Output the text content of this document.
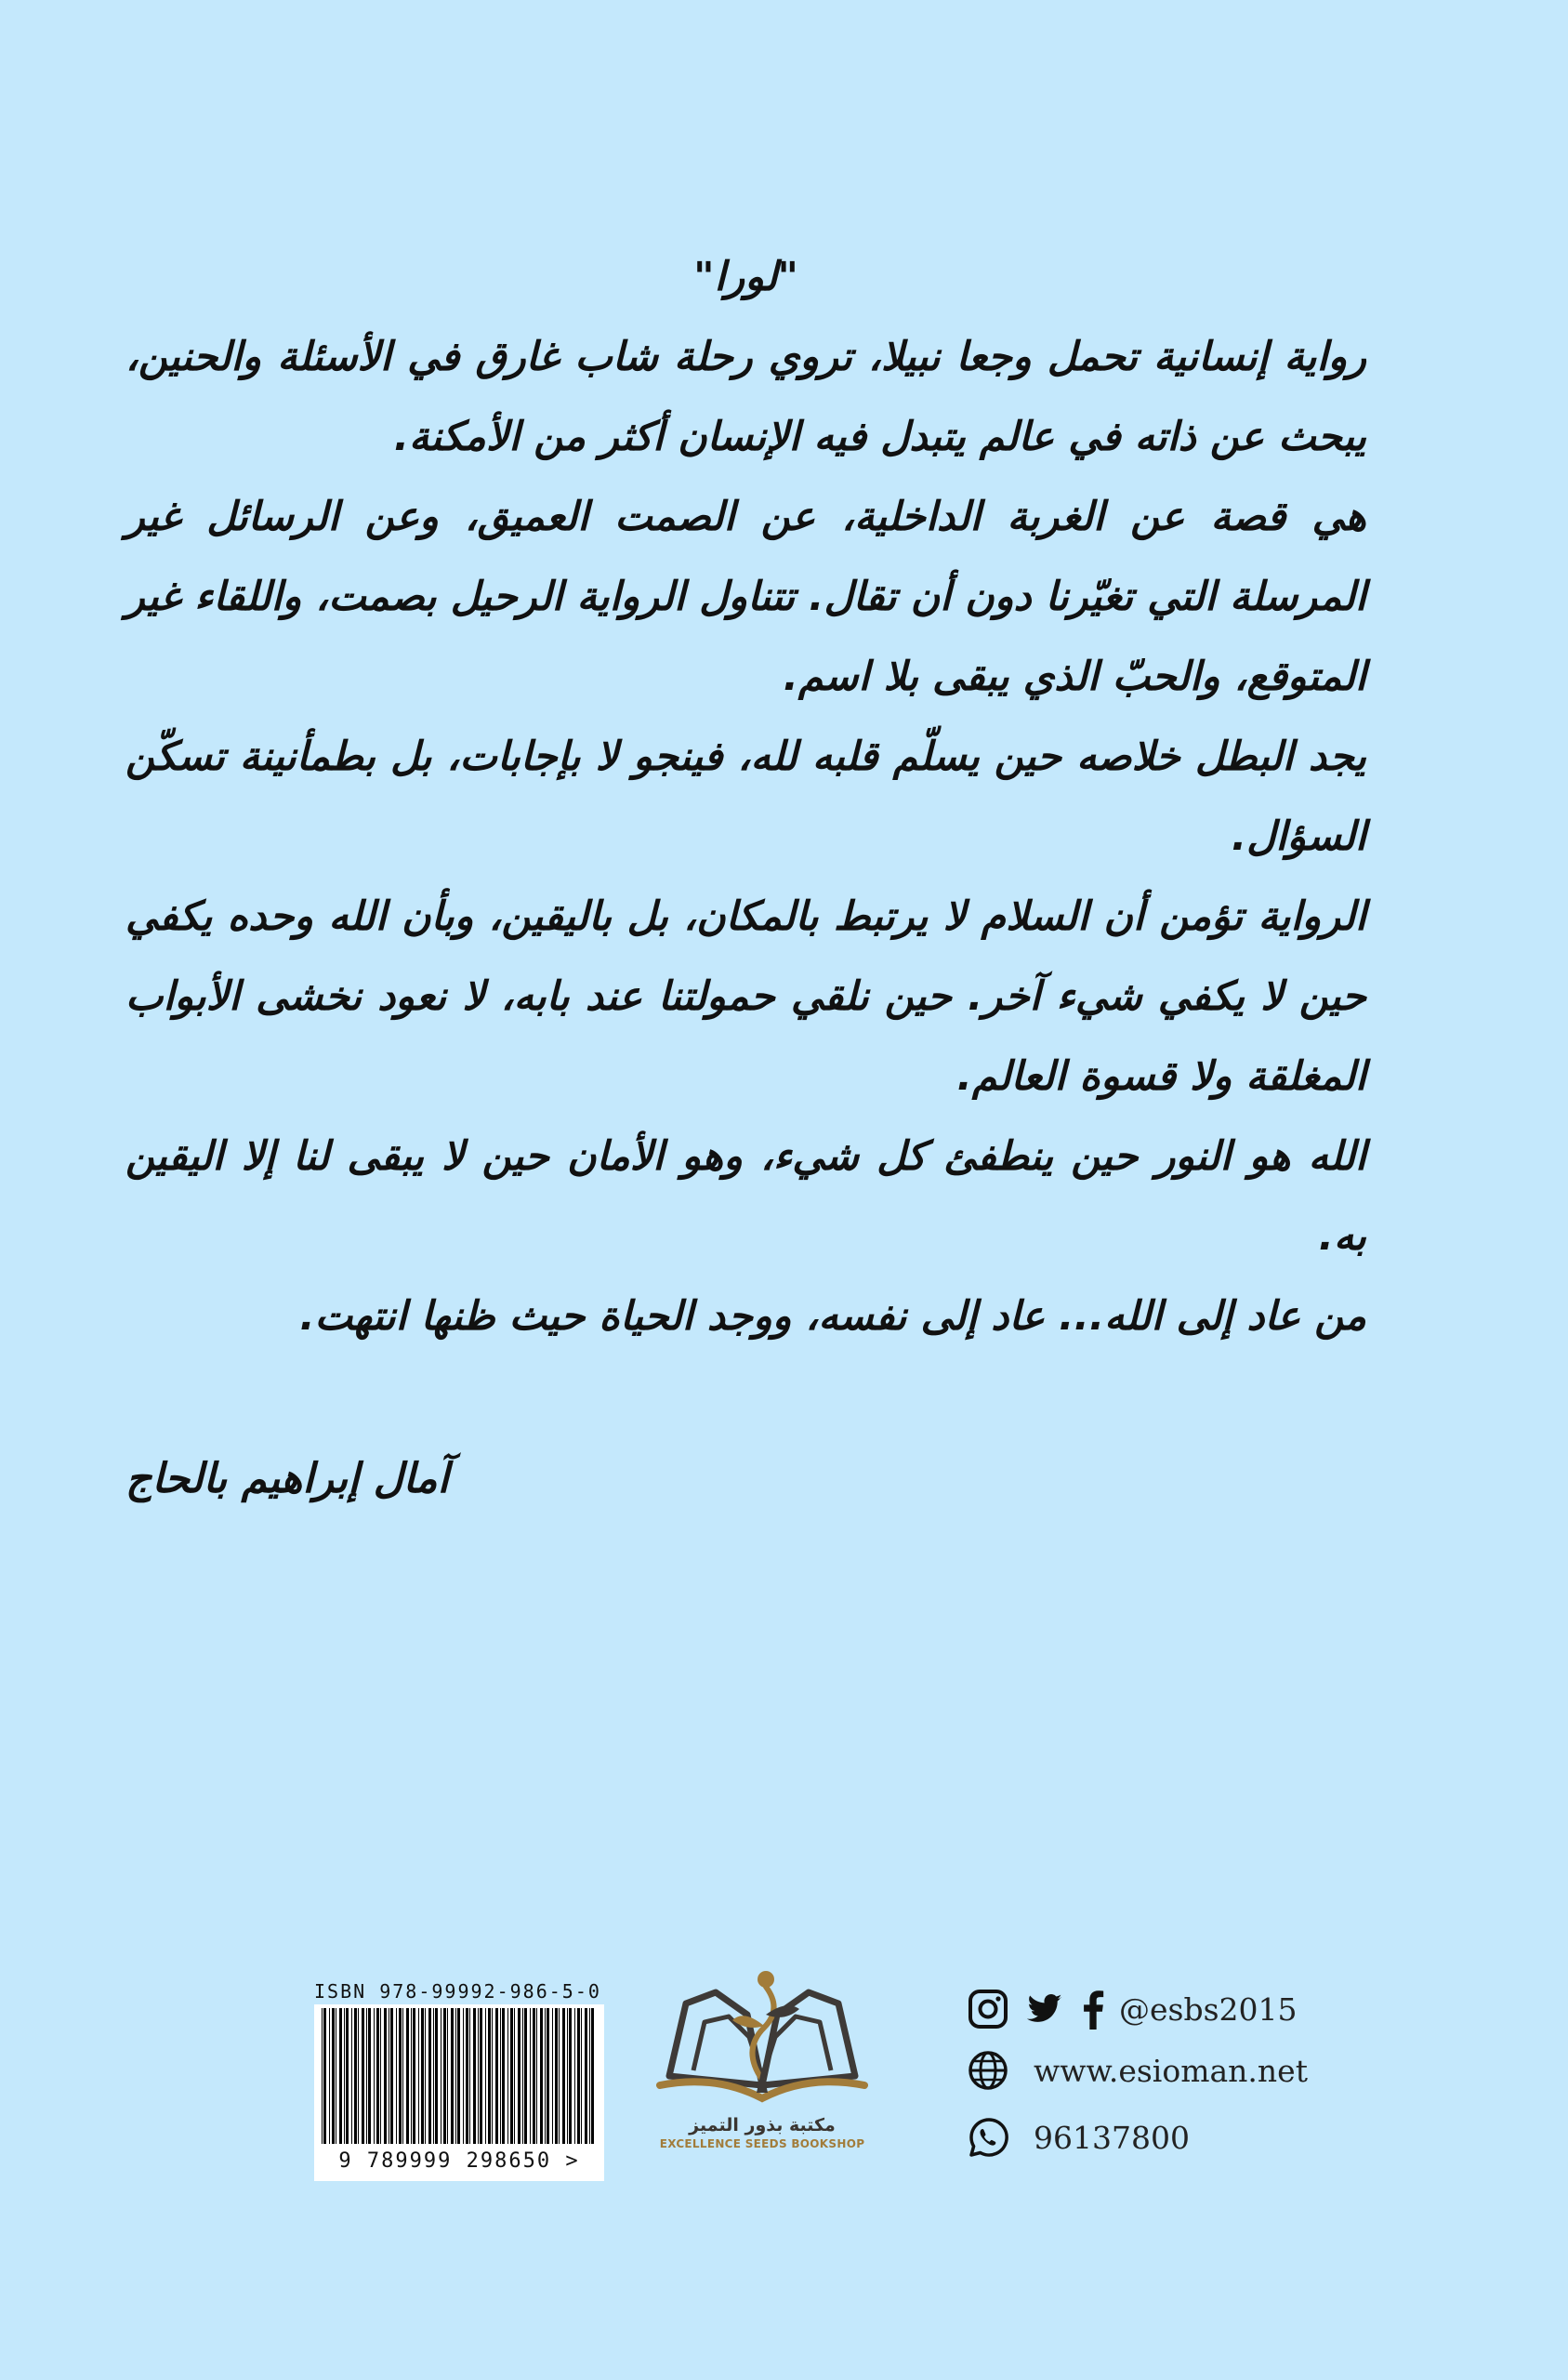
"لورا"

رواية إنسانية تحمل وجعا نبيلا، تروي رحلة شاب غارق في الأسئلة والحنين، يبحث عن ذاته في عالم يتبدل فيه الإنسان أكثر من الأمكنة.

هي قصة عن الغربة الداخلية، عن الصمت العميق، وعن الرسائل غير المرسلة التي تغيّرنا دون أن تقال. تتناول الرواية الرحيل بصمت، واللقاء غير المتوقع، والحبّ الذي يبقى بلا اسم.

يجد البطل خلاصه حين يسلّم قلبه لله، فينجو لا بإجابات، بل بطمأنينة تسكّن السؤال.

الرواية تؤمن أن السلام لا يرتبط بالمكان، بل باليقين، وبأن الله وحده يكفي حين لا يكفي شيء آخر. حين نلقي حمولتنا عند بابه، لا نعود نخشى الأبواب المغلقة ولا قسوة العالم.

الله هو النور حين ينطفئ كل شيء، وهو الأمان حين لا يبقى لنا إلا اليقين به.

من عاد إلى الله... عاد إلى نفسه، ووجد الحياة حيث ظنها انتهت.

آمال إبراهيم بالحاج
ISBN 978-99992-986-5-0
9 789999 298650 >
مكتبة بذور التميز
EXCELLENCE SEEDS BOOKSHOP
@esbs2015
www.esioman.net
96137800
